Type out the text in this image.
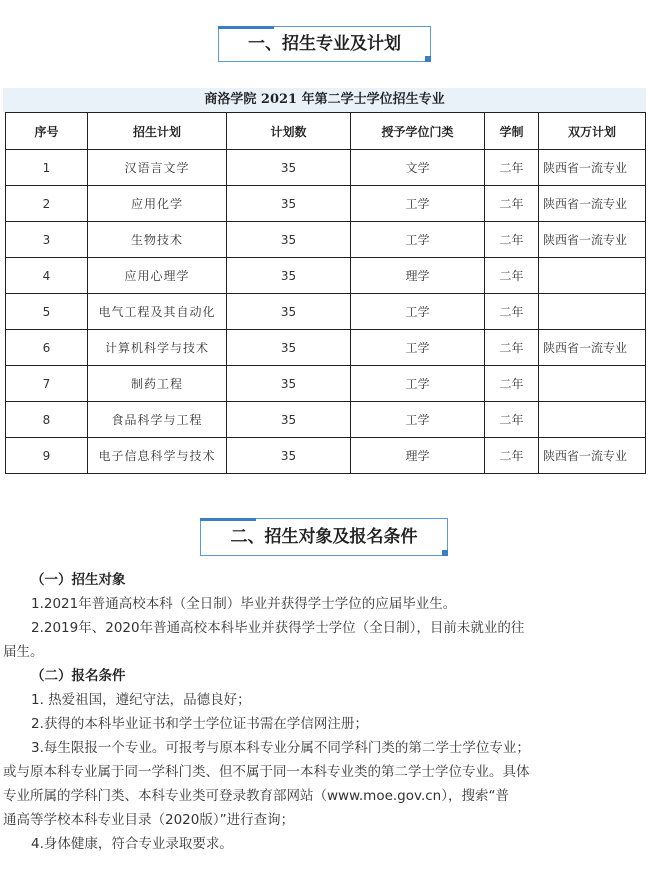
一、招生专业及计划
商洛学院 2021 年第二学士学位招生专业
序号	招生计划	计划数	授予学位门类	学制	双万计划
1	汉语言文学	35	文学	二年	陕西省一流专业
2	应用化学	35	工学	二年	陕西省一流专业
3	生物技术	35	工学	二年	陕西省一流专业
4	应用心理学	35	理学	二年	
5	电气工程及其自动化	35	工学	二年	
6	计算机科学与技术	35	工学	二年	陕西省一流专业
7	制药工程	35	工学	二年	
8	食品科学与工程	35	工学	二年	
9	电子信息科学与技术	35	理学	二年	陕西省一流专业
二、招生对象及报名条件

（一）招生对象

1.2021年普通高校本科（全日制）毕业并获得学士学位的应届毕业生。

2.2019年、2020年普通高校本科毕业并获得学士学位（全日制），目前未就业的往

届生。

（二）报名条件

1. 热爱祖国，遵纪守法，品德良好；

2.获得的本科毕业证书和学士学位证书需在学信网注册；

3.每生限报一个专业。可报考与原本科专业分属不同学科门类的第二学士学位专业；

或与原本科专业属于同一学科门类、但不属于同一本科专业类的第二学士学位专业。具体

专业所属的学科门类、本科专业类可登录教育部网站（www.moe.gov.cn），搜索“普

通高等学校本科专业目录（2020版）”进行查询；

4.身体健康，符合专业录取要求。
